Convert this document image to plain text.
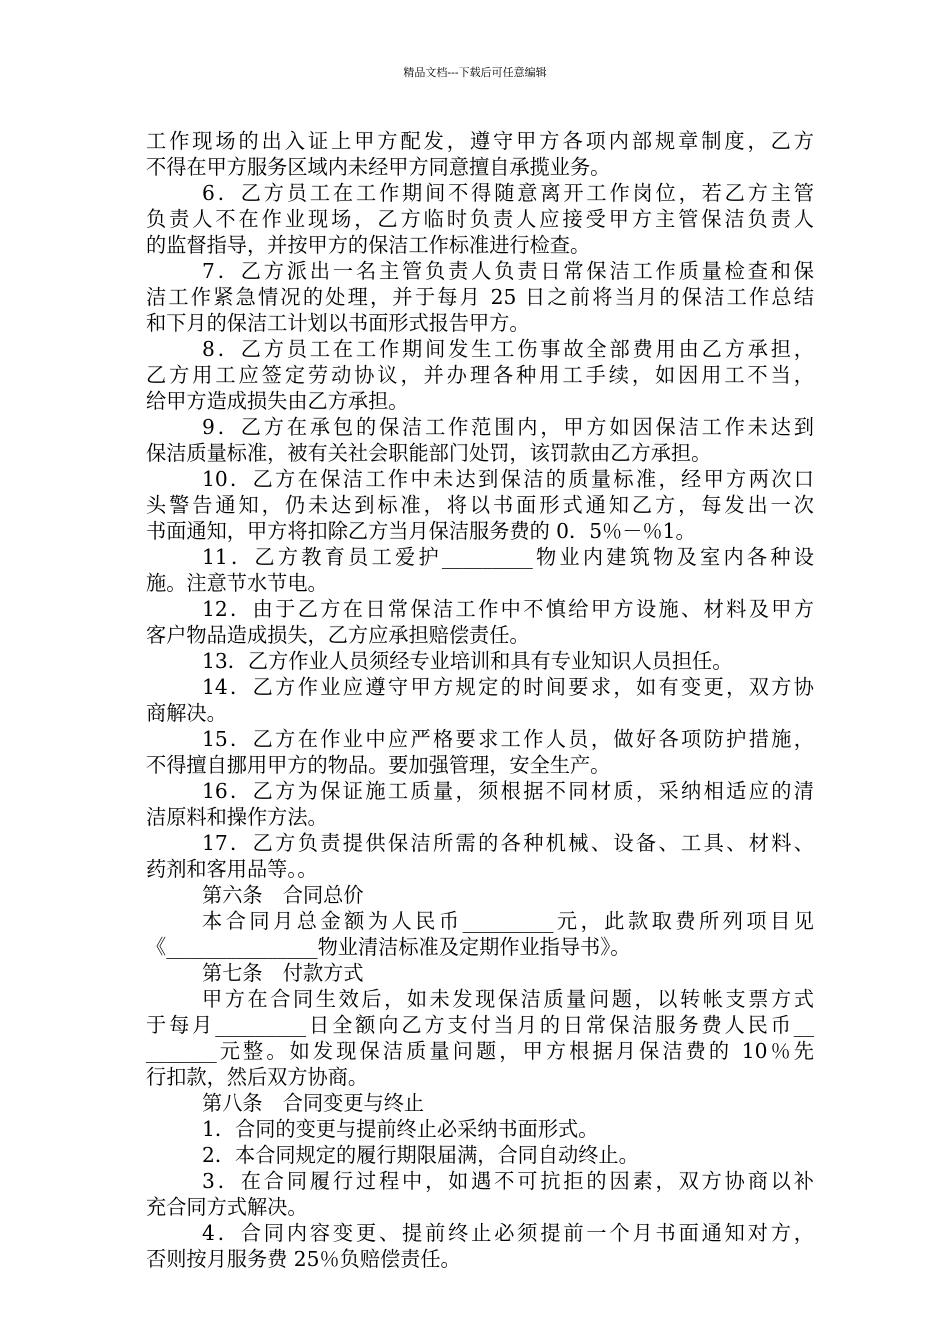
精品文档---下载后可任意编辑
工作现场的出入证上甲方配发，遵守甲方各项内部规章制度，乙方
不得在甲方服务区域内未经甲方同意擅自承揽业务。
6．乙方员工在工作期间不得随意离开工作岗位，若乙方主管
负责人不在作业现场，乙方临时负责人应接受甲方主管保洁负责人
的监督指导，并按甲方的保洁工作标准进行检查。
7．乙方派出一名主管负责人负责日常保洁工作质量检查和保
洁工作紧急情况的处理，并于每月 25 日之前将当月的保洁工作总结
和下月的保洁工计划以书面形式报告甲方。
8．乙方员工在工作期间发生工伤事故全部费用由乙方承担，
乙方用工应签定劳动协议，并办理各种用工手续，如因用工不当，
给甲方造成损失由乙方承担。
9．乙方在承包的保洁工作范围内，甲方如因保洁工作未达到
保洁质量标准，被有关社会职能部门处罚，该罚款由乙方承担。
10．乙方在保洁工作中未达到保洁的质量标准，经甲方两次口
头警告通知，仍未达到标准，将以书面形式通知乙方，每发出一次
书面通知，甲方将扣除乙方当月保洁服务费的 0．5％－％1。
11．乙方教育员工爱护_________物业内建筑物及室内各种设
施。注意节水节电。
12．由于乙方在日常保洁工作中不慎给甲方设施、材料及甲方
客户物品造成损失，乙方应承担赔偿责任。
13．乙方作业人员须经专业培训和具有专业知识人员担任。
14．乙方作业应遵守甲方规定的时间要求，如有变更，双方协
商解决。
15．乙方在作业中应严格要求工作人员，做好各项防护措施，
不得擅自挪用甲方的物品。要加强管理，安全生产。
16．乙方为保证施工质量，须根据不同材质，采纳相适应的清
洁原料和操作方法。
17．乙方负责提供保洁所需的各种机械、设备、工具、材料、
药剂和客用品等。。
第六条　合同总价
本合同月总金额为人民币_________元，此款取费所列项目见
《_______________物业清洁标准及定期作业指导书》。
第七条　付款方式
甲方在合同生效后，如未发现保洁质量问题，以转帐支票方式
于每月_________日全额向乙方支付当月的日常保洁服务费人民币__
_______元整。如发现保洁质量问题，甲方根据月保洁费的 10％先
行扣款，然后双方协商。
第八条　合同变更与终止
1．合同的变更与提前终止必采纳书面形式。
2．本合同规定的履行期限届满，合同自动终止。
3．在合同履行过程中，如遇不可抗拒的因素，双方协商以补
充合同方式解决。
4．合同内容变更、提前终止必须提前一个月书面通知对方，
否则按月服务费 25％负赔偿责任。
